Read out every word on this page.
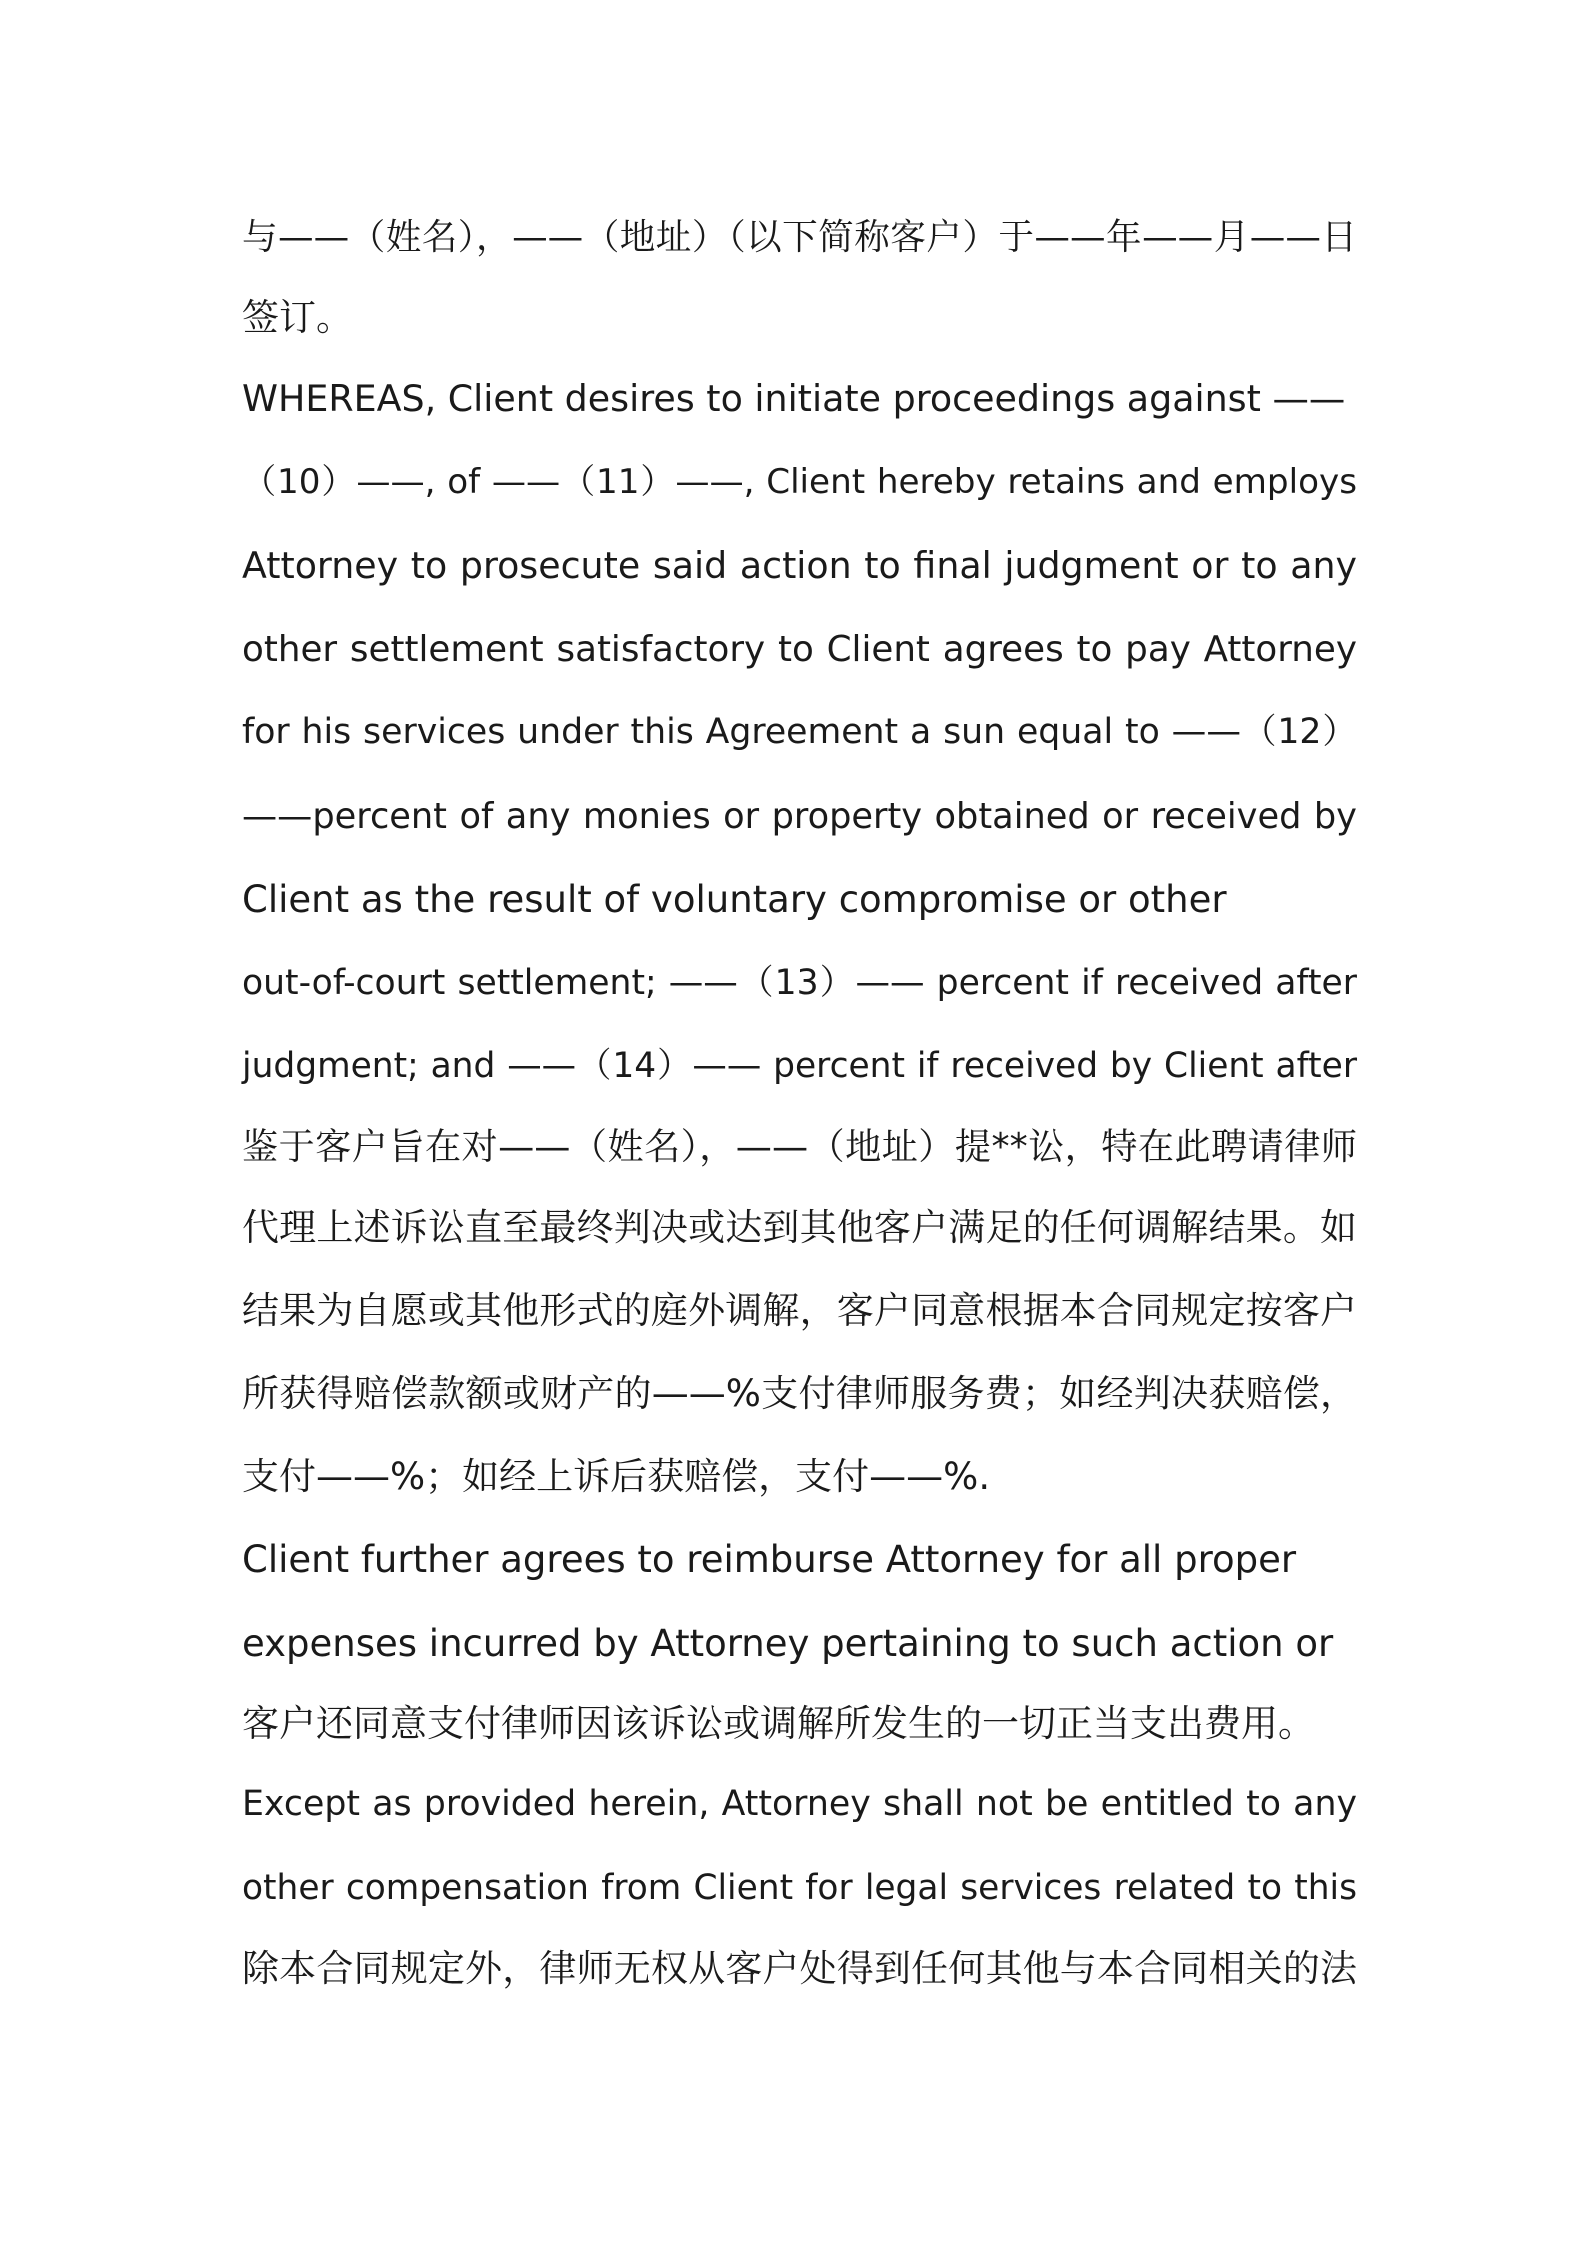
与——（姓名），——（地址）（以下简称客户）于——年——月——日
签订。
WHEREAS, Client desires to initiate proceedings against ——
（10）——, of ——（11）——, Client hereby retains and employs
Attorney to prosecute said action to final judgment or to any
other settlement satisfactory to Client agrees to pay Attorney
for his services under this Agreement a sun equal to ——（12）
——percent of any monies or property obtained or received by
Client as the result of voluntary compromise or other
out-of-court settlement; ——（13）—— percent if received after
judgment; and ——（14）—— percent if received by Client after
鉴于客户旨在对——（姓名），——（地址）提**讼，特在此聘请律师
代理上述诉讼直至最终判决或达到其他客户满足的任何调解结果。如
结果为自愿或其他形式的庭外调解，客户同意根据本合同规定按客户
所获得赔偿款额或财产的——%支付律师服务费；如经判决获赔偿，
支付——%；如经上诉后获赔偿，支付——%.
Client further agrees to reimburse Attorney for all proper
expenses incurred by Attorney pertaining to such action or
客户还同意支付律师因该诉讼或调解所发生的一切正当支出费用。
Except as provided herein, Attorney shall not be entitled to any
other compensation from Client for legal services related to this
除本合同规定外，律师无权从客户处得到任何其他与本合同相关的法
